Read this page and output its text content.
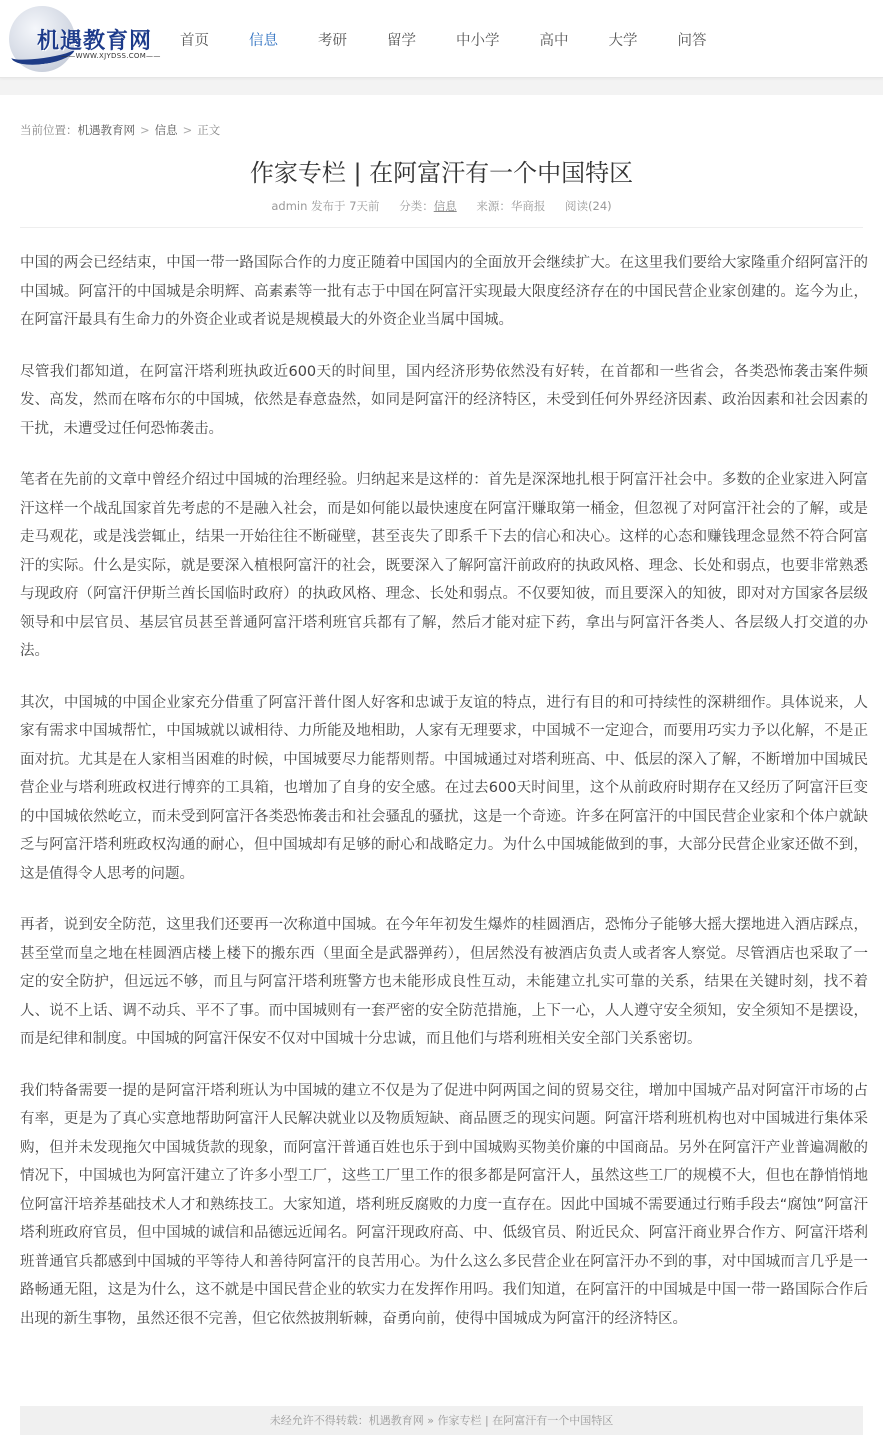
机遇教育网
——WWW.XJYDSS.COM——
首页	信息	考研	留学	中小学	高中	大学	问答
当前位置：机遇教育网 > 信息 > 正文
作家专栏 | 在阿富汗有一个中国特区
admin 发布于 7天前 分类：信息 来源：华商报 阅读(24)

中国的两会已经结束，中国一带一路国际合作的力度正随着中国国内的全面放开会继续扩大。在这里我们要给大家隆重介绍阿富汗的中国城。阿富汗的中国城是余明辉、高素素等一批有志于中国在阿富汗实现最大限度经济存在的中国民营企业家创建的。迄今为止，在阿富汗最具有生命力的外资企业或者说是规模最大的外资企业当属中国城。

尽管我们都知道，在阿富汗塔利班执政近600天的时间里，国内经济形势依然没有好转，在首都和一些省会，各类恐怖袭击案件频发、高发，然而在喀布尔的中国城，依然是春意盎然，如同是阿富汗的经济特区，未受到任何外界经济因素、政治因素和社会因素的干扰，未遭受过任何恐怖袭击。

笔者在先前的文章中曾经介绍过中国城的治理经验。归纳起来是这样的：首先是深深地扎根于阿富汗社会中。多数的企业家进入阿富汗这样一个战乱国家首先考虑的不是融入社会，而是如何能以最快速度在阿富汗赚取第一桶金，但忽视了对阿富汗社会的了解，或是走马观花，或是浅尝辄止，结果一开始往往不断碰壁，甚至丧失了即系千下去的信心和决心。这样的心态和赚钱理念显然不符合阿富汗的实际。什么是实际，就是要深入植根阿富汗的社会，既要深入了解阿富汗前政府的执政风格、理念、长处和弱点，也要非常熟悉与现政府（阿富汗伊斯兰酋长国临时政府）的执政风格、理念、长处和弱点。不仅要知彼，而且要深入的知彼，即对对方国家各层级领导和中层官员、基层官员甚至普通阿富汗塔利班官兵都有了解，然后才能对症下药，拿出与阿富汗各类人、各层级人打交道的办法。

其次，中国城的中国企业家充分借重了阿富汗普什图人好客和忠诚于友谊的特点，进行有目的和可持续性的深耕细作。具体说来，人家有需求中国城帮忙，中国城就以诚相待、力所能及地相助，人家有无理要求，中国城不一定迎合，而要用巧实力予以化解，不是正面对抗。尤其是在人家相当困难的时候，中国城要尽力能帮则帮。中国城通过对塔利班高、中、低层的深入了解，不断增加中国城民营企业与塔利班政权进行博弈的工具箱，也增加了自身的安全感。在过去600天时间里，这个从前政府时期存在又经历了阿富汗巨变的中国城依然屹立，而未受到阿富汗各类恐怖袭击和社会骚乱的骚扰，这是一个奇迹。许多在阿富汗的中国民营企业家和个体户就缺乏与阿富汗塔利班政权沟通的耐心，但中国城却有足够的耐心和战略定力。为什么中国城能做到的事，大部分民营企业家还做不到，这是值得令人思考的问题。

再者，说到安全防范，这里我们还要再一次称道中国城。在今年年初发生爆炸的桂圆酒店，恐怖分子能够大摇大摆地进入酒店踩点，甚至堂而皇之地在桂圆酒店楼上楼下的搬东西（里面全是武器弹药），但居然没有被酒店负责人或者客人察觉。尽管酒店也采取了一定的安全防护，但远远不够，而且与阿富汗塔利班警方也未能形成良性互动，未能建立扎实可靠的关系，结果在关键时刻，找不着人、说不上话、调不动兵、平不了事。而中国城则有一套严密的安全防范措施，上下一心，人人遵守安全须知，安全须知不是摆设，而是纪律和制度。中国城的阿富汗保安不仅对中国城十分忠诚，而且他们与塔利班相关安全部门关系密切。

我们特备需要一提的是阿富汗塔利班认为中国城的建立不仅是为了促进中阿两国之间的贸易交往，增加中国城产品对阿富汗市场的占有率，更是为了真心实意地帮助阿富汗人民解决就业以及物质短缺、商品匮乏的现实问题。阿富汗塔利班机构也对中国城进行集体采购，但并未发现拖欠中国城货款的现象，而阿富汗普通百姓也乐于到中国城购买物美价廉的中国商品。另外在阿富汗产业普遍凋敝的情况下，中国城也为阿富汗建立了许多小型工厂，这些工厂里工作的很多都是阿富汗人，虽然这些工厂的规模不大，但也在静悄悄地位阿富汗培养基础技术人才和熟练技工。大家知道，塔利班反腐败的力度一直存在。因此中国城不需要通过行贿手段去“腐蚀”阿富汗塔利班政府官员，但中国城的诚信和品德远近闻名。阿富汗现政府高、中、低级官员、附近民众、阿富汗商业界合作方、阿富汗塔利班普通官兵都感到中国城的平等待人和善待阿富汗的良苦用心。为什么这么多民营企业在阿富汗办不到的事，对中国城而言几乎是一路畅通无阻，这是为什么，这不就是中国民营企业的软实力在发挥作用吗。我们知道，在阿富汗的中国城是中国一带一路国际合作后出现的新生事物，虽然还很不完善，但它依然披荆斩棘，奋勇向前，使得中国城成为阿富汗的经济特区。

未经允许不得转载：机遇教育网 » 作家专栏 | 在阿富汗有一个中国特区
